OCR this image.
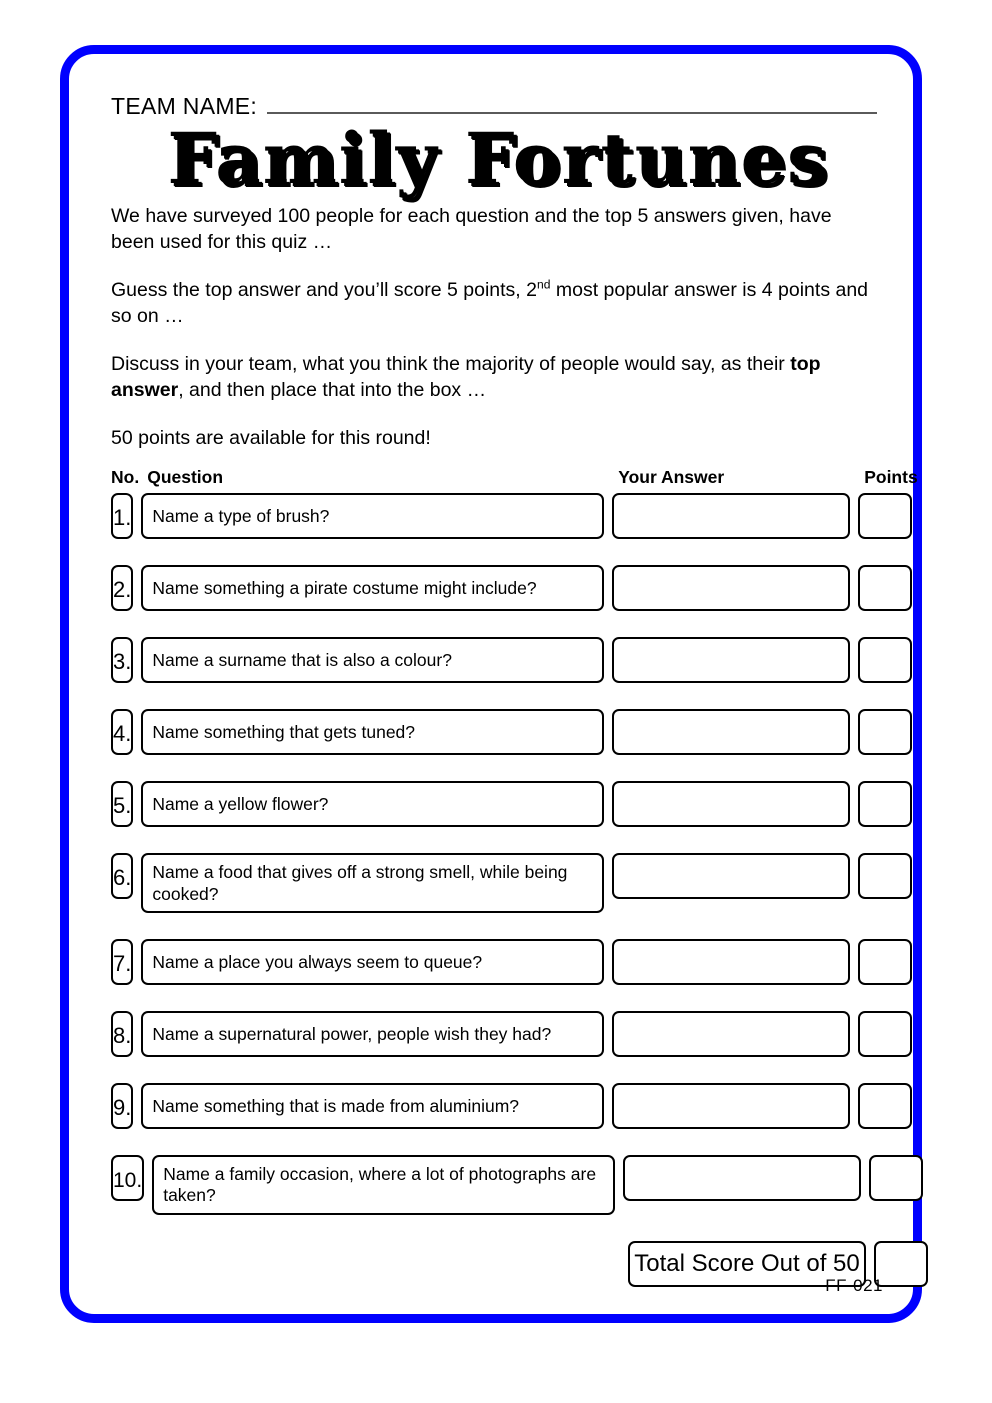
TEAM NAME:
Family Fortunes

We have surveyed 100 people for each question and the top 5 answers given, have been used for this quiz …

Guess the top answer and you’ll score 5 points, 2nd most popular answer is 4 points and so on …

Discuss in your team, what you think the majority of people would say, as their top answer, and then place that into the box …

50 points are available for this round!

No. Question	Your Answer	Points
1.	Name a type of brush?
2.	Name something a pirate costume might include?
3.	Name a surname that is also a colour?
4.	Name something that gets tuned?
5.	Name a yellow flower?
6.	Name a food that gives off a strong smell, while being cooked?
7.	Name a place you always seem to queue?
8.	Name a supernatural power, people wish they had?
9.	Name something that is made from aluminium?
10.	Name a family occasion, where a lot of photographs are taken?
Total Score Out of 50
FF-021
